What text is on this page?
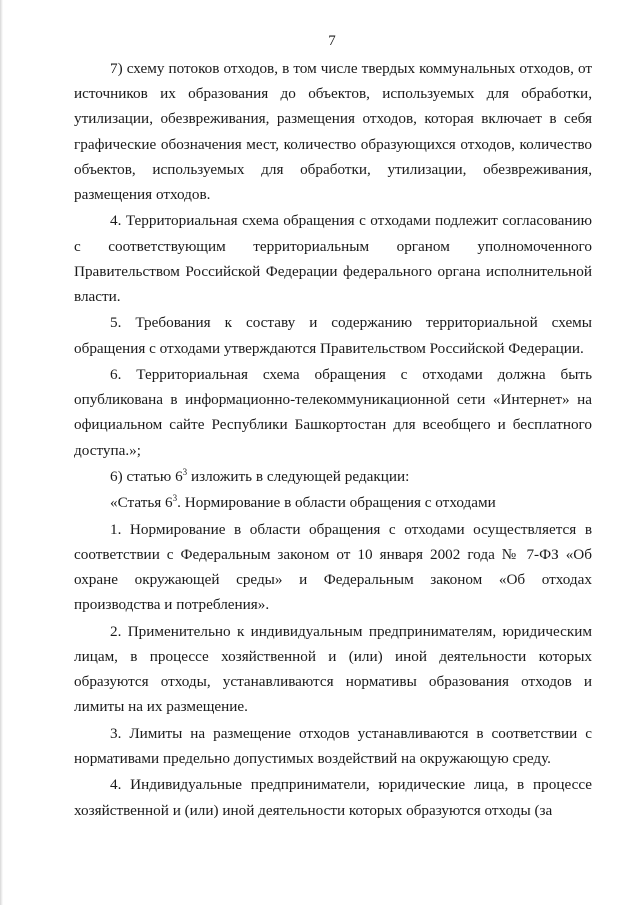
7

7) схему потоков отходов, в том числе твердых коммунальных отходов, от источников их образования до объектов, используемых для обработки, утилизации, обезвреживания, размещения отходов, которая включает в себя графические обозначения мест, количество образующихся отходов, количество объектов, используемых для обработки, утилизации, обезвреживания, размещения отходов.

4. Территориальная схема обращения с отходами подлежит согласованию с соответствующим территориальным органом уполномоченного Правительством Российской Федерации федерального органа исполнительной власти.

5. Требования к составу и содержанию территориальной схемы обращения с отходами утверждаются Правительством Российской Федерации.

6. Территориальная схема обращения с отходами должна быть опубликована в информационно-телекоммуникационной сети «Интернет» на официальном сайте Республики Башкортостан для всеобщего и бесплатного доступа.»;

6) статью $6^3$ изложить в следующей редакции:

«Статья $6^3$. Нормирование в области обращения с отходами

1. Нормирование в области обращения с отходами осуществляется в соответствии с Федеральным законом от 10 января 2002 года № 7-ФЗ «Об охране окружающей среды» и Федеральным законом «Об отходах производства и потребления».

2. Применительно к индивидуальным предпринимателям, юридическим лицам, в процессе хозяйственной и (или) иной деятельности которых образуются отходы, устанавливаются нормативы образования отходов и лимиты на их размещение.

3. Лимиты на размещение отходов устанавливаются в соответствии с нормативами предельно допустимых воздействий на окружающую среду.

4. Индивидуальные предприниматели, юридические лица, в процессе хозяйственной и (или) иной деятельности которых образуются отходы (за
